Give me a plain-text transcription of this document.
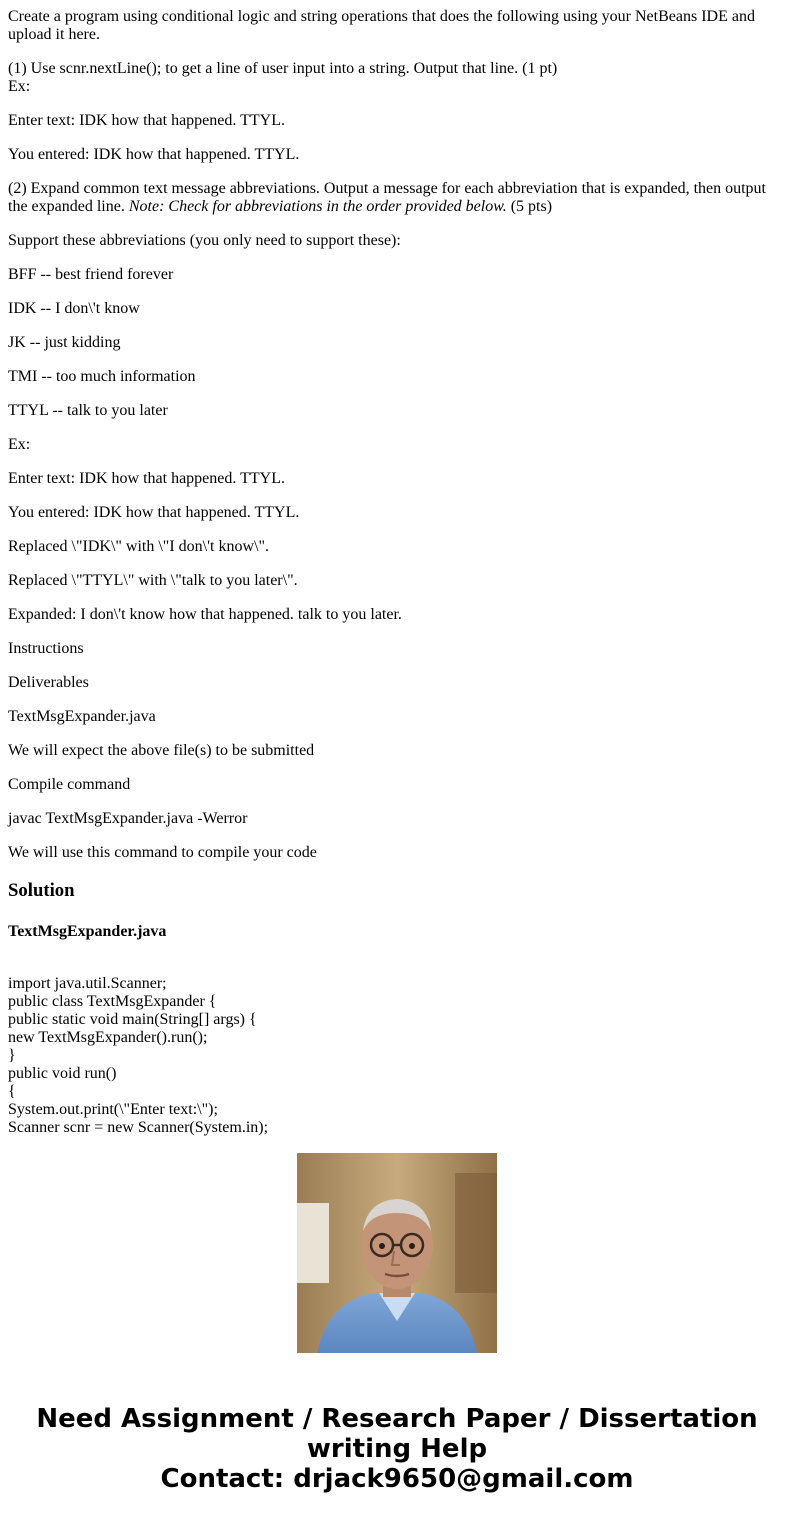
Create a program using conditional logic and string operations that does the following using your NetBeans IDE and upload it here.

(1) Use scnr.nextLine(); to get a line of user input into a string. Output that line. (1 pt)
Ex:

Enter text: IDK how that happened. TTYL.

You entered: IDK how that happened. TTYL.

(2) Expand common text message abbreviations. Output a message for each abbreviation that is expanded, then output the expanded line. Note: Check for abbreviations in the order provided below. (5 pts)

Support these abbreviations (you only need to support these):

BFF -- best friend forever

IDK -- I don\'t know

JK -- just kidding

TMI -- too much information

TTYL -- talk to you later

Ex:

Enter text: IDK how that happened. TTYL.

You entered: IDK how that happened. TTYL.

Replaced \"IDK\" with \"I don\'t know\".

Replaced \"TTYL\" with \"talk to you later\".

Expanded: I don\'t know how that happened. talk to you later.

Instructions

Deliverables

TextMsgExpander.java

We will expect the above file(s) to be submitted

Compile command

javac TextMsgExpander.java -Werror

We will use this command to compile your code

Solution
TextMsgExpander.java
import java.util.Scanner;
public class TextMsgExpander {
public static void main(String[] args) {
new TextMsgExpander().run();
}
public void run()
{
System.out.print(\"Enter text:\");
Scanner scnr = new Scanner(System.in);
Need Assignment / Research Paper / Dissertation
writing Help
Contact: drjack9650@gmail.com
